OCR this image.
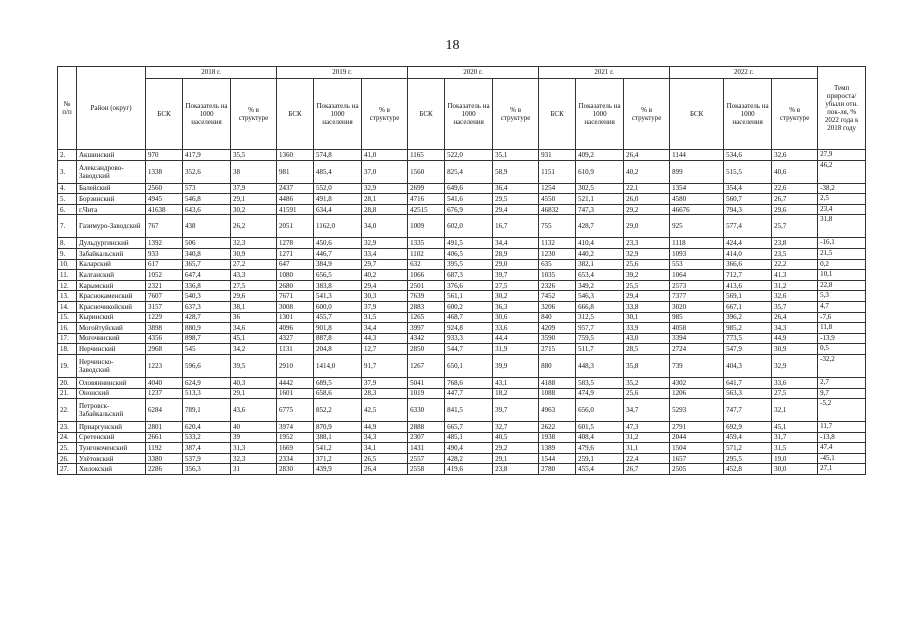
18
№ п/п	Район (округ)	2018 г.			2019 г.			2020 г.			2021 г.			2022 г.			Темп прироста/ убыли отн. пок-ля, % 2022 года к 2018 году
		БСК	Показатель на 1000 населения	% в структуре	БСК	Показатель на 1000 населения	% в структуре	БСК	Показатель на 1000 населения	% в структуре	БСК	Показатель на 1000 населения	% в структуре	БСК	Показатель на 1000 населения	% в структуре	
2.	Акшинский	970	417,9	35,5	1360	574,8	41,0	1165	522,0	35,1	931	409,2	26,4	1144	534,6	32,6	27,9
3.	Александрово-Заводский	1338	352,6	38	981	485,4	37,0	1560	825,4	58,9	1151	610,9	40,2	899	515,5	40,6	46,2
4.	Балейский	2560	573	37,9	2437	552,0	32,9	2699	649,6	36,4	1254	302,5	22,1	1354	354,4	22,6	-38,2
5.	Борзинский	4945	546,8	29,1	4486	491,8	28,1	4716	541,6	29,5	4550	521,1	26,0	4580	560,7	26,7	2,5
6.	г.Чита	41638	643,6	30,2	41591	634,4	28,8	42515	676,9	29,4	46832	747,3	29,2	46676	794,3	29,6	23,4
7.	Газимуро-Заводский	767	438	26,2	2051	1162,0	34,0	1009	602,0	16,7	755	428,7	29,0	925	577,4	25,7	31,8
8.	Дульдургинский	1392	506	32,3	1278	450,6	32,9	1335	491,5	34,4	1132	410,4	23,3	1118	424,4	23,8	-16,1
9.	Забайкальский	933	340,8	30,9	1271	446,7	33,4	1102	406,5	28,9	1230	440,2	32,9	1093	414,0	23,5	21,5
10.	Каларский	617	365,7	27,2	647	384,9	29,7	632	395,5	29,0	635	382,1	25,6	553	366,6	22,2	0,2
11.	Калганский	1052	647,4	43,3	1080	656,5	40,2	1066	687,3	39,7	1035	653,4	39,2	1064	712,7	41,3	10,1
12.	Карымский	2321	336,8	27,5	2680	383,8	29,4	2501	376,6	27,5	2326	349,2	25,5	2573	413,6	31,2	22,8
13.	Краснокаменский	7607	540,3	29,6	7671	541,3	30,3	7639	561,1	30,2	7452	546,3	29,4	7377	569,1	32,6	5,3
14.	Красночикойский	3157	637,3	38,1	3008	600,0	37,9	2883	600,2	36,3	3206	666,8	33,8	3020	667,1	35,7	4,7
15.	Кыринский	1229	428,7	36	1301	455,7	31,5	1265	468,7	30,6	840	312,5	30,1	985	396,2	26,4	-7,6
16.	Могойтуйский	3898	880,9	34,6	4096	901,8	34,4	3997	924,8	33,6	4209	957,7	33,9	4058	985,2	34,3	11,8
17.	Могочинский	4356	898,7	45,1	4327	887,8	44,3	4342	933,3	44,4	3590	759,5	43,0	3394	773,5	44,9	-13,9
18.	Нерчинский	2968	545	34,2	1131	204,8	12,7	2850	544,7	31,9	2715	511,7	28,5	2724	547,9	30,9	0,5
19.	Нерчинско-Заводский	1223	596,6	39,5	2910	1414,0	91,7	1267	650,1	39,9	880	448,3	35,8	739	404,3	32,9	-32,2
20.	Оловяннинский	4040	624,9	40,3	4442	689,5	37,9	5041	768,6	43,1	4188	583,5	35,2	4302	641,7	33,6	2,7
21.	Ононский	1237	513,3	29,1	1601	658,6	28,3	1019	447,7	18,2	1088	474,9	25,6	1206	563,3	27,5	9,7
22.	Петровск-Забайкальский	6284	789,1	43,6	6775	852,2	42,5	6330	841,5	39,7	4963	656,0	34,7	5293	747,7	32,1	-5,2
23.	Приаргунский	2801	620,4	40	3974	870,9	44,9	2888	665,7	32,7	2622	601,5	47,3	2791	692,9	45,1	11,7
24.	Сретенский	2661	533,2	39	1952	388,1	34,3	2307	485,1	40,5	1938	408,4	31,2	2044	459,4	31,7	-13,8
25.	Тунгокоченский	1192	387,4	31,3	1669	541,2	34,1	1431	490,4	29,2	1389	479,6	31,1	1504	571,2	31,5	47,4
26.	Улётовский	3380	537,9	32,3	2334	371,2	26,5	2557	428,2	29,1	1544	259,1	22,4	1657	295,5	19,0	-45,1
27.	Хилокский	2286	356,3	31	2830	439,9	26,4	2558	419,6	23,8	2780	455,4	26,7	2505	452,8	30,0	27,1
